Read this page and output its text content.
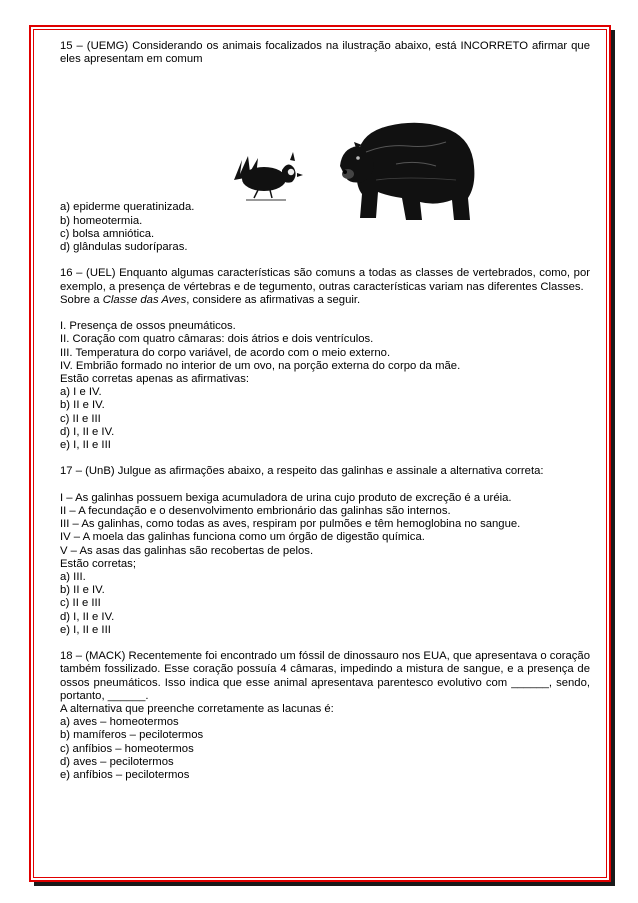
15 – (UEMG) Considerando os animais focalizados na ilustração abaixo, está INCORRETO afirmar que eles apresentam em comum

a) epiderme queratinizada.
b) homeotermia.
c) bolsa amniótica.
d) glândulas sudoríparas.

16 – (UEL) Enquanto algumas características são comuns a todas as classes de vertebrados, como, por exemplo, a presença de vértebras e de tegumento, outras características variam nas diferentes Classes.

Sobre a Classe das Aves, considere as afirmativas a seguir.

I. Presença de ossos pneumáticos.
II. Coração com quatro câmaras: dois átrios e dois ventrículos.
III. Temperatura do corpo variável, de acordo com o meio externo.
IV. Embrião formado no interior de um ovo, na porção externa do corpo da mãe.
Estão corretas apenas as afirmativas:
a) I e IV.
b) II e IV.
c) II e III
d) I, II e IV.
e) I, II e III
17 – (UnB) Julgue as afirmações abaixo, a respeito das galinhas e assinale a alternativa correta:
I – As galinhas possuem bexiga acumuladora de urina cujo produto de excreção é a uréia.
II – A fecundação e o desenvolvimento embrionário das galinhas são internos.
III – As galinhas, como todas as aves, respiram por pulmões e têm hemoglobina no sangue.
IV – A moela das galinhas funciona como um órgão de digestão química.
V – As asas das galinhas são recobertas de pelos.
Estão corretas;
a) III.
b) II e IV.
c) II e III
d) I, II e IV.
e) I, II e III

18 – (MACK) Recentemente foi encontrado um fóssil de dinossauro nos EUA, que apresentava o coração também fossilizado. Esse coração possuía 4 câmaras, impedindo a mistura de sangue, e a presença de ossos pneumáticos. Isso indica que esse animal apresentava parentesco evolutivo com ______, sendo, portanto, ______.

A alternativa que preenche corretamente as lacunas é:
a) aves – homeotermos
b) mamíferos – pecilotermos
c) anfíbios – homeotermos
d) aves – pecilotermos
e) anfíbios – pecilotermos
